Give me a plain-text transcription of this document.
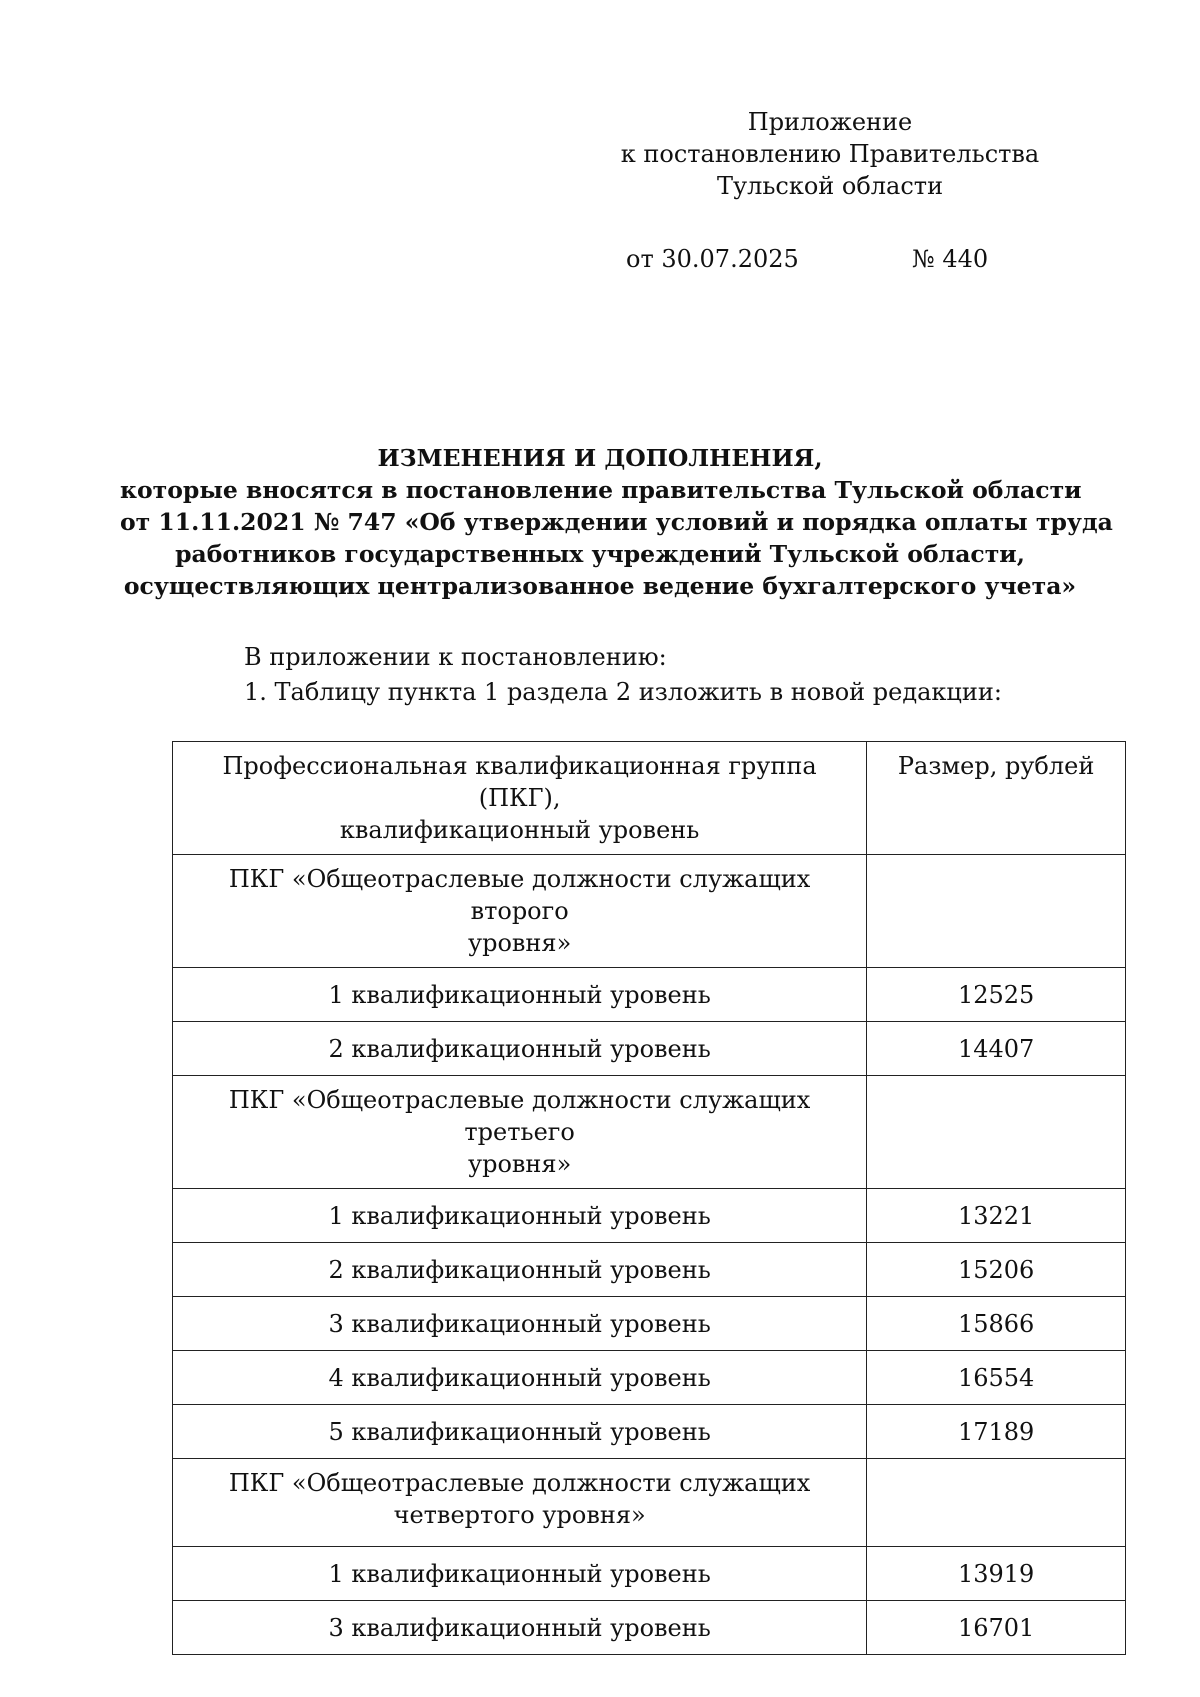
Приложение
к постановлению Правительства
Тульской области
от 30.07.2025	№ 440
ИЗМЕНЕНИЯ И ДОПОЛНЕНИЯ,
которые вносятся в постановление правительства Тульской области
от 11.11.2021 № 747 «Об утверждении условий и порядка оплаты труда
работников государственных учреждений Тульской области,
осуществляющих централизованное ведение бухгалтерского учета»
В приложении к постановлению:
1. Таблицу пункта 1 раздела 2 изложить в новой редакции:
Профессиональная квалификационная группа (ПКГ),
квалификационный уровень	Размер, рублей

ПКГ «Общеотраслевые должности служащих второго
уровня»	

1 квалификационный уровень	12525
2 квалификационный уровень	14407

ПКГ «Общеотраслевые должности служащих третьего
уровня»	

1 квалификационный уровень	13221
2 квалификационный уровень	15206
3 квалификационный уровень	15866
4 квалификационный уровень	16554
5 квалификационный уровень	17189

ПКГ «Общеотраслевые должности служащих
четвертого уровня»	

1 квалификационный уровень	13919
3 квалификационный уровень	16701
